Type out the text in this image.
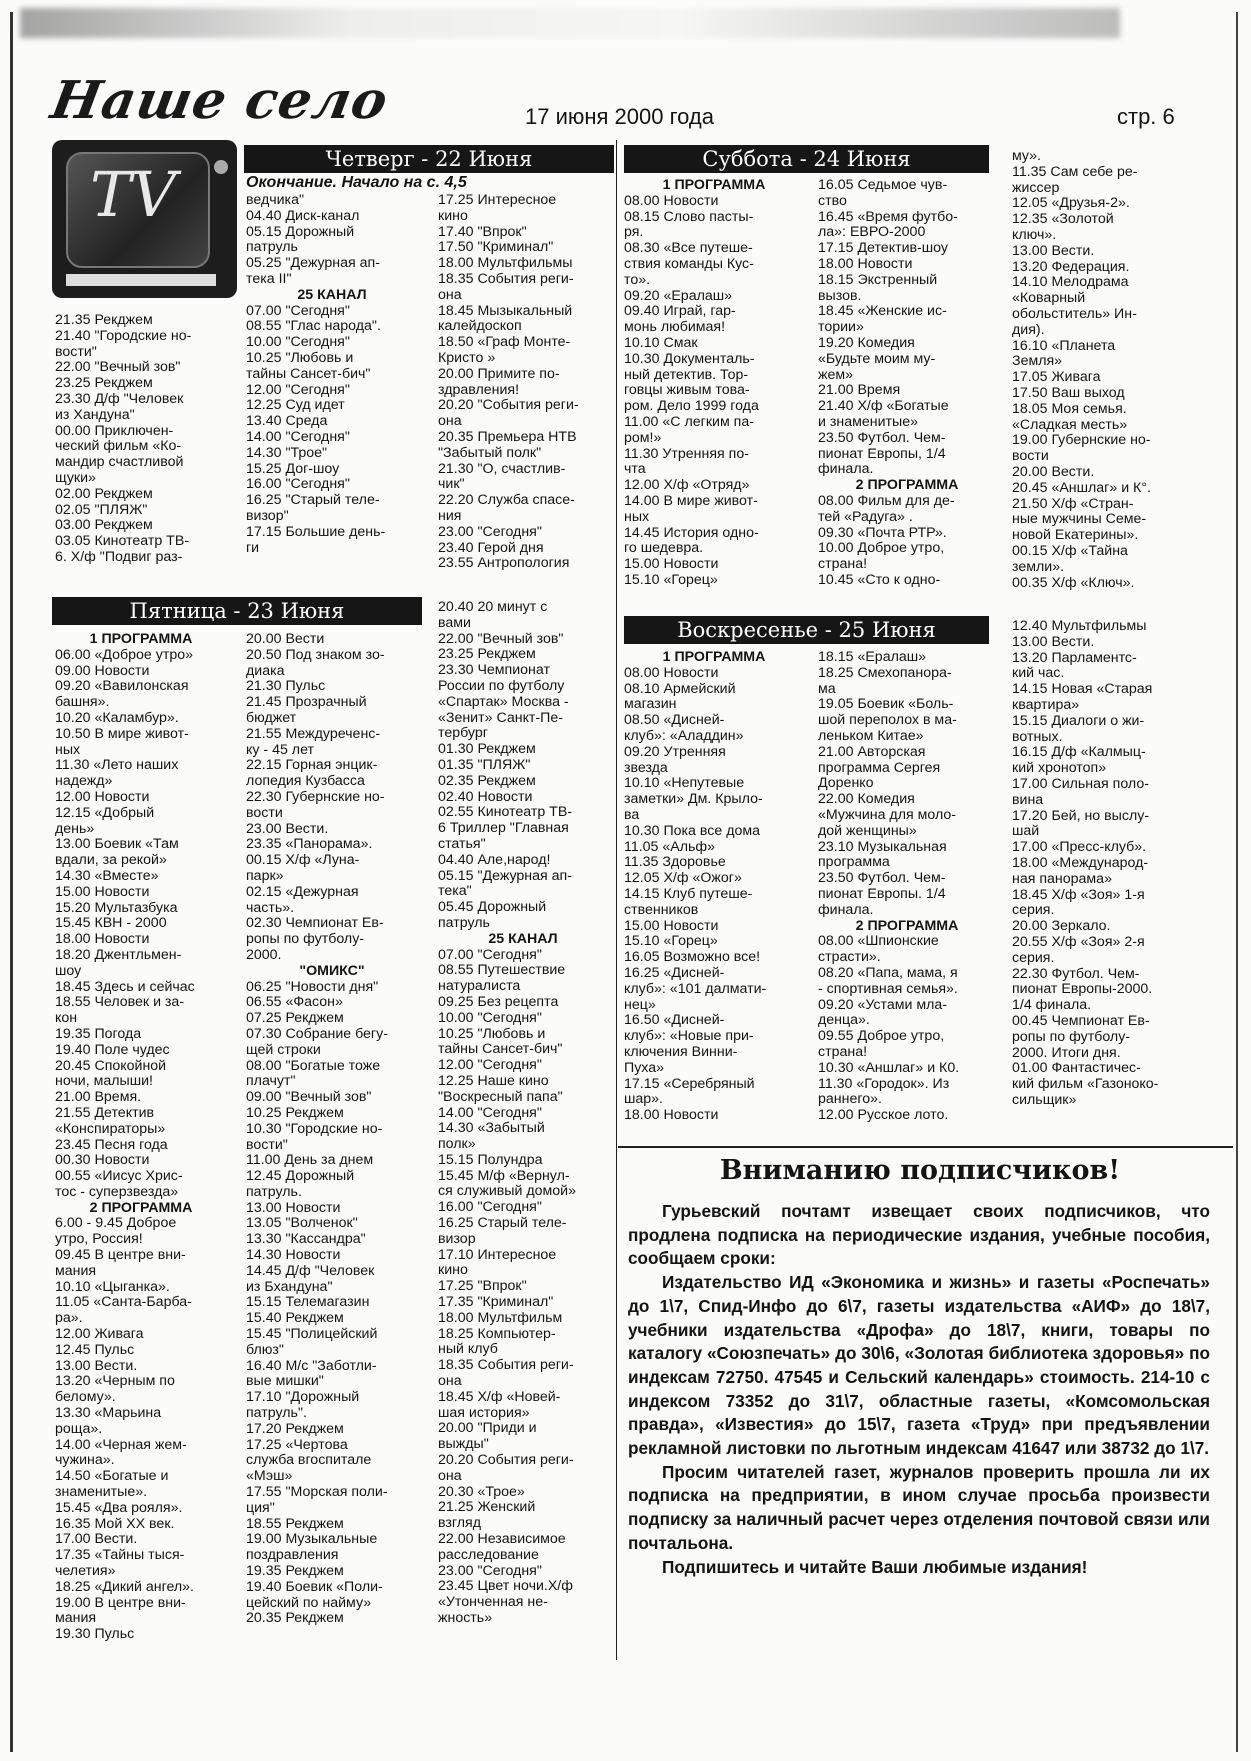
Наше село	17 июня 2000 года	стр. 6
TV	Четверг - 22 Июня
Окончание. Начало на с. 4,5
21.35 Рекджем
21.40 "Городские но-
вости"
22.00 "Вечный зов"
23.25 Рекджем
23.30 Д/ф "Человек
из Хандуна"
00.00 Приключен-
ческий фильм «Ко-
мандир счастливой
щуки»
02.00 Рекджем
02.05 "ПЛЯЖ"
03.00 Рекджем
03.05 Кинотеатр ТВ-
6. Х/ф "Подвиг раз-
ведчика"
04.40 Диск-канал
05.15 Дорожный
патруль
05.25 "Дежурная ап-
тека II"
25 КАНАЛ
07.00 "Сегодня"
08.55 "Глас народа".
10.00 "Сегодня"
10.25 "Любовь и
тайны Сансет-бич"
12.00 "Сегодня"
12.25 Суд идет
13.40 Среда
14.00 "Сегодня"
14.30 "Трое"
15.25 Дог-шоу
16.00 "Сегодня"
16.25 "Старый теле-
визор"
17.15 Большие день-
ги
17.25 Интересное
кино
17.40 "Впрок"
17.50 "Криминал"
18.00 Мультфильмы
18.35 События реги-
она
18.45 Мызыкальный
калейдоскоп
18.50 «Граф Монте-
Кристо »
20.00 Примите по-
здравления!
20.20 "События реги-
она
20.35 Премьера НТВ
"Забытый полк"
21.30 "О, счастлив-
чик"
22.20 Служба спасе-
ния
23.00 "Сегодня"
23.40 Герой дня
23.55 Антропология
Пятница - 23 Июня
1 ПРОГРАММА
06.00 «Доброе утро»
09.00 Новости
09.20 «Вавилонская
башня».
10.20 «Каламбур».
10.50 В мире живот-
ных
11.30 «Лето наших
надежд»
12.00 Новости
12.15 «Добрый
день»
13.00 Боевик «Там
вдали, за рекой»
14.30 «Вместе»
15.00 Новости
15.20 Мультазбука
15.45 КВН - 2000
18.00 Новости
18.20 Джентльмен-
шоу
18.45 Здесь и сейчас
18.55 Человек и за-
кон
19.35 Погода
19.40 Поле чудес
20.45 Спокойной
ночи, малыши!
21.00 Время.
21.55 Детектив
«Конспираторы»
23.45 Песня года
00.30 Новости
00.55 «Иисус Хрис-
тос - суперзвезда»
2 ПРОГРАММА
6.00 - 9.45 Доброе
утро, Россия!
09.45 В центре вни-
мания
10.10 «Цыганка».
11.05 «Санта-Барба-
ра».
12.00 Живага
12.45 Пульс
13.00 Вести.
13.20 «Черным по
белому».
13.30 «Марьина
роща».
14.00 «Черная жем-
чужина».
14.50 «Богатые и
знаменитые».
15.45 «Два рояля».
16.35 Мой ХХ век.
17.00 Вести.
17.35 «Тайны тыся-
челетия»
18.25 «Дикий ангел».
19.00 В центре вни-
мания
19.30 Пульс
20.00 Вести
20.50 Под знаком зо-
диака
21.30 Пульс
21.45 Прозрачный
бюджет
21.55 Междуреченс-
ку - 45 лет
22.15 Горная энцик-
лопедия Кузбасса
22.30 Губернские но-
вости
23.00 Вести.
23.35 «Панорама».
00.15 Х/ф «Луна-
парк»
02.15 «Дежурная
часть».
02.30 Чемпионат Ев-
ропы по футболу-
2000.
"ОМИКС"
06.25 "Новости дня"
06.55 «Фасон»
07.25 Рекджем
07.30 Собрание бегу-
щей строки
08.00 "Богатые тоже
плачут"
09.00 "Вечный зов"
10.25 Рекджем
10.30 "Городские но-
вости"
11.00 День за днем
12.45 Дорожный
патруль.
13.00 Новости
13.05 "Волченок"
13.30 "Кассандра"
14.30 Новости
14.45 Д/ф "Человек
из Бхандуна"
15.15 Телемагазин
15.40 Рекджем
15.45 "Полицейский
блюз"
16.40 М/с "Заботли-
вые мишки"
17.10 "Дорожный
патруль".
17.20 Рекджем
17.25 «Чертова
служба вгоспитале
«Мэш»
17.55 "Морская поли-
ция"
18.55 Рекджем
19.00 Музыкальные
поздравления
19.35 Рекджем
19.40 Боевик «Поли-
цейский по найму»
20.35 Рекджем
20.40 20 минут с
вами
22.00 "Вечный зов"
23.25 Рекджем
23.30 Чемпионат
России по футболу
«Спартак» Москва -
«Зенит» Санкт-Пе-
тербург
01.30 Рекджем
01.35 "ПЛЯЖ"
02.35 Рекджем
02.40 Новости
02.55 Кинотеатр ТВ-
6 Триллер "Главная
статья"
04.40 Але,народ!
05.15 "Дежурная ап-
тека"
05.45 Дорожный
патруль
25 КАНАЛ
07.00 "Сегодня"
08.55 Путешествие
натуралиста
09.25 Без рецепта
10.00 "Сегодня"
10.25 "Любовь и
тайны Сансет-бич"
12.00 "Сегодня"
12.25 Наше кино
"Воскресный папа"
14.00 "Сегодня"
14.30 «Забытый
полк»
15.15 Полундра
15.45 М/ф «Вернул-
ся служивый домой»
16.00 "Сегодня"
16.25 Старый теле-
визор
17.10 Интересное
кино
17.25 "Впрок"
17.35 "Криминал"
18.00 Мультфильм
18.25 Компьютер-
ный клуб
18.35 События реги-
она
18.45 Х/ф «Новей-
шая история»
20.00 "Приди и
выжды"
20.20 События реги-
она
20.30 «Трое»
21.25 Женский
взгляд
22.00 Независимое
расследование
23.00 "Сегодня"
23.45 Цвет ночи.Х/ф
«Утонченная не-
жность»
Суббота - 24 Июня
1 ПРОГРАММА
08.00 Новости
08.15 Слово пасты-
ря.
08.30 «Все путеше-
ствия команды Кус-
то».
09.20 «Ералаш»
09.40 Играй, гар-
монь любимая!
10.10 Смак
10.30 Документаль-
ный детектив. Тор-
говцы живым това-
ром. Дело 1999 года
11.00 «С легким па-
ром!»
11.30 Утренняя по-
чта
12.00 Х/ф «Отряд»
14.00 В мире живот-
ных
14.45 История одно-
го шедевра.
15.00 Новости
15.10 «Горец»
16.05 Седьмое чув-
ство
16.45 «Время футбо-
ла»: ЕВРО-2000
17.15 Детектив-шоу
18.00 Новости
18.15 Экстренный
вызов.
18.45 «Женские ис-
тории»
19.20 Комедия
«Будьте моим му-
жем»
21.00 Время
21.40 Х/ф «Богатые
и знаменитые»
23.50 Футбол. Чем-
пионат Европы, 1/4
финала.
2 ПРОГРАММА
08.00 Фильм для де-
тей «Радуга» .
09.30 «Почта РТР».
10.00 Доброе утро,
страна!
10.45 «Сто к одно-
му».
11.35 Сам себе ре-
жиссер
12.05 «Друзья-2».
12.35 «Золотой
ключ».
13.00 Вести.
13.20 Федерация.
14.10 Мелодрама
«Коварный
обольститель» Ин-
дия).
16.10 «Планета
Земля»
17.05 Живага
17.50 Ваш выход
18.05 Моя семья.
«Сладкая месть»
19.00 Губернские но-
вости
20.00 Вести.
20.45 «Аншлаг» и К°.
21.50 Х/ф «Стран-
ные мужчины Семе-
новой Екатерины».
00.15 Х/ф «Тайна
земли».
00.35 Х/ф «Ключ».
Воскресенье - 25 Июня
1 ПРОГРАММА
08.00 Новости
08.10 Армейский
магазин
08.50 «Дисней-
клуб»: «Аладдин»
09.20 Утренняя
звезда
10.10 «Непутевые
заметки» Дм. Крыло-
ва
10.30 Пока все дома
11.05 «Альф»
11.35 Здоровье
12.05 Х/ф «Ожог»
14.15 Клуб путеше-
ственников
15.00 Новости
15.10 «Горец»
16.05 Возможно все!
16.25 «Дисней-
клуб»: «101 далмати-
нец»
16.50 «Дисней-
клуб»: «Новые при-
ключения Винни-
Пуха»
17.15 «Серебряный
шар».
18.00 Новости
18.15 «Ералаш»
18.25 Смехопанора-
ма
19.05 Боевик «Боль-
шой переполох в ма-
леньком Китае»
21.00 Авторская
программа Сергея
Доренко
22.00 Комедия
«Мужчина для моло-
дой женщины»
23.10 Музыкальная
программа
23.50 Футбол. Чем-
пионат Европы. 1/4
финала.
2 ПРОГРАММА
08.00 «Шпионские
страсти».
08.20 «Папа, мама, я
- спортивная семья».
09.20 «Устами мла-
денца».
09.55 Доброе утро,
страна!
10.30 «Аншлаг» и К0.
11.30 «Городок». Из
раннего».
12.00 Русское лото.
12.40 Мультфильмы
13.00 Вести.
13.20 Парламентс-
кий час.
14.15 Новая «Старая
квартира»
15.15 Диалоги о жи-
вотных.
16.15 Д/ф «Калмыц-
кий хронотоп»
17.00 Сильная поло-
вина
17.20 Бей, но выслу-
шай
17.00 «Пресс-клуб».
18.00 «Международ-
ная панорама»
18.45 Х/ф «Зоя» 1-я
серия.
20.00 Зеркало.
20.55 Х/ф «Зоя» 2-я
серия.
22.30 Футбол. Чем-
пионат Европы-2000.
1/4 финала.
00.45 Чемпионат Ев-
ропы по футболу-
2000. Итоги дня.
01.00 Фантастичес-
кий фильм «Газоноко-
сильщик»
Вниманию подписчиков!

Гурьевский почтамт извещает своих подписчиков, что продлена подписка на периодические издания, учебные пособия, сообщаем сроки:

Издательство ИД «Экономика и жизнь» и газеты «Роспечать» до 1\7, Спид-Инфо до 6\7, газеты издательства «АИФ» до 18\7, учебники издательства «Дрофа» до 18\7, книги, товары по каталогу «Союзпечать» до 30\6, «Золотая библиотека здоровья» по индексам 72750. 47545 и Сельский календарь» стоимость. 214-10 с индексом 73352 до 31\7, областные газеты, «Комсомольская правда», «Известия» до 15\7, газета «Труд» при предъявлении рекламной листовки по льготным индексам 41647 или 38732 до 1\7.

Просим читателей газет, журналов проверить прошла ли их подписка на предприятии, в ином случае просьба произвести подписку за наличный расчет через отделения почтовой связи или почтальона.

Подпишитесь и читайте Ваши любимые издания!
